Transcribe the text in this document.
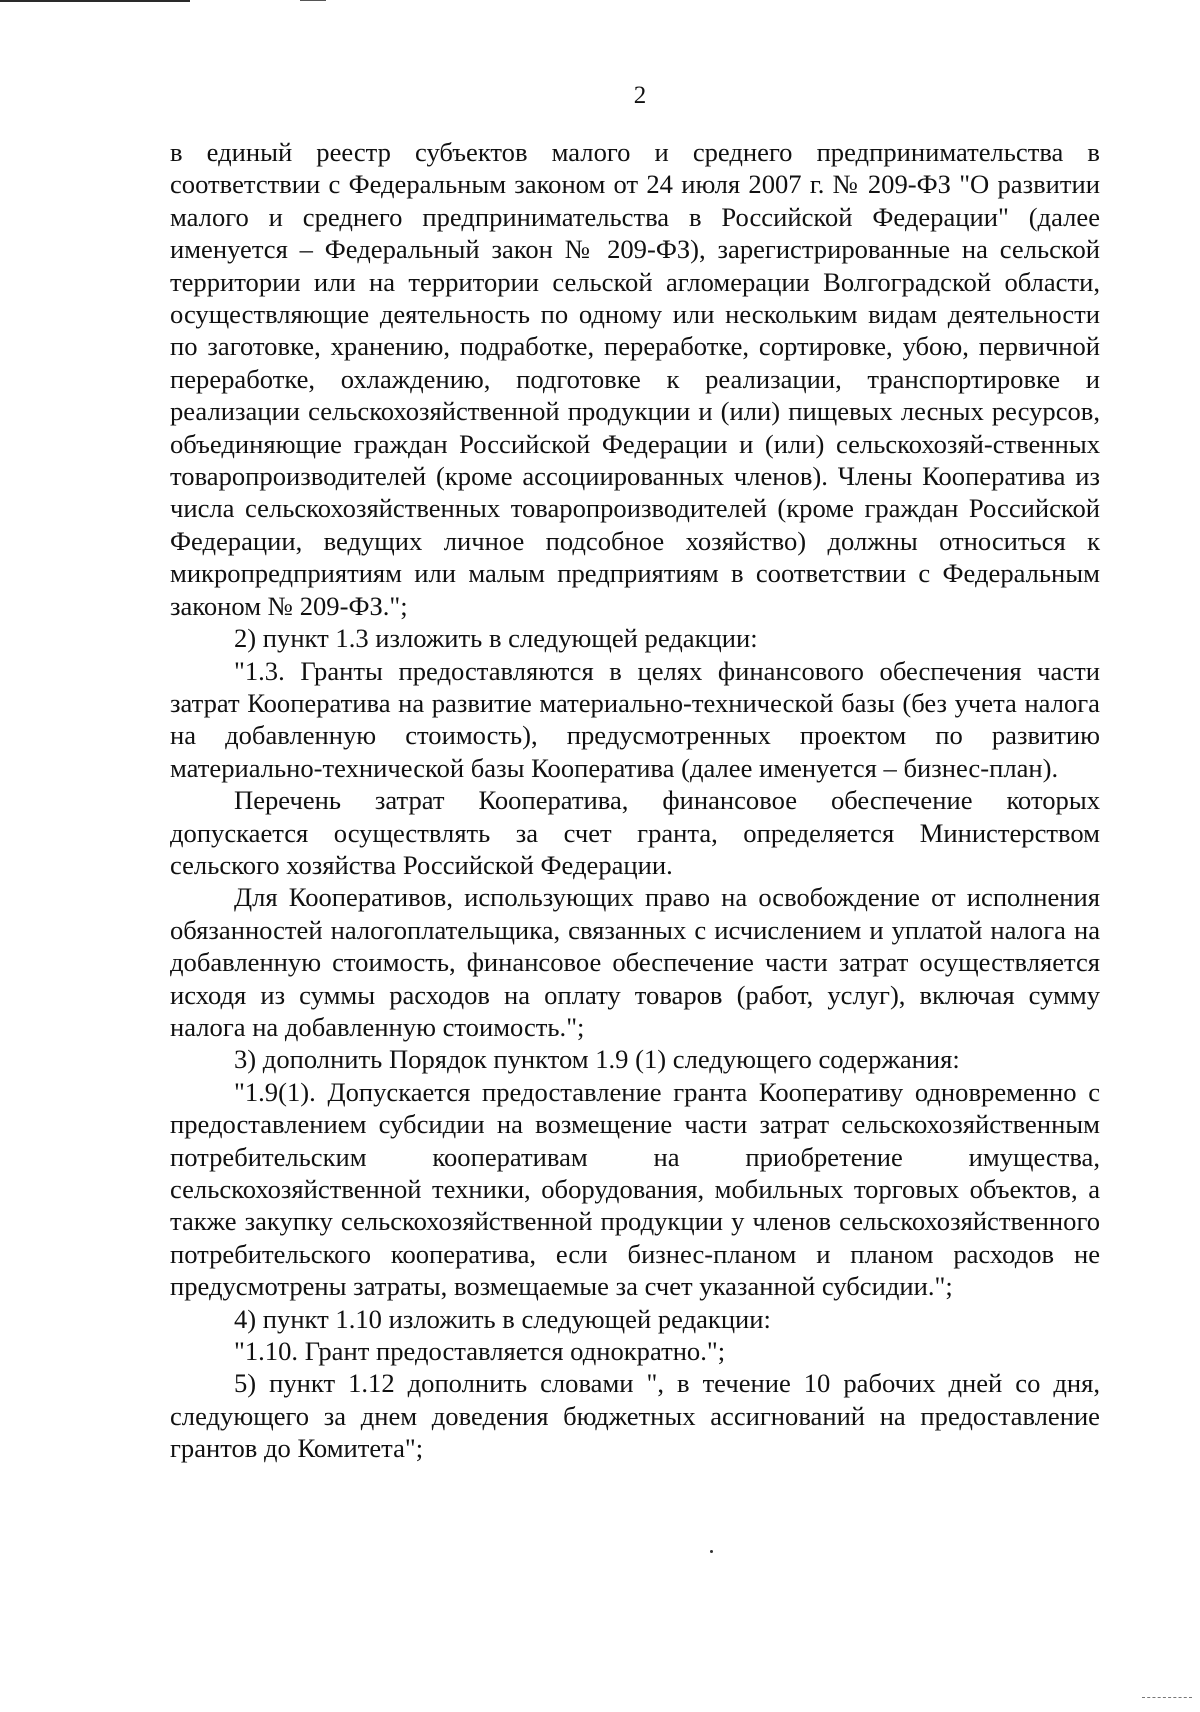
2

в единый реестр субъектов малого и среднего предпринимательства в соответствии с Федеральным законом от 24 июля 2007 г. № 209-ФЗ "О развитии малого и среднего предпринимательства в Российской Федерации" (далее именуется – Федеральный закон № 209-ФЗ), зарегистрированные на сельской территории или на территории сельской агломерации Волгоградской области, осуществляющие деятельность по одному или нескольким видам деятельности по заготовке, хранению, подработке, переработке, сортировке, убою, первичной переработке, охлаждению, подготовке к реализации, транспортировке и реализации сельскохозяйственной продукции и (или) пищевых лесных ресурсов, объединяющие граждан Российской Федерации и (или) сельскохозяй-ственных товаропроизводителей (кроме ассоциированных членов). Члены Кооператива из числа сельскохозяйственных товаропроизводителей (кроме граждан Российской Федерации, ведущих личное подсобное хозяйство) должны относиться к микропредприятиям или малым предприятиям в соответствии с Федеральным законом № 209-ФЗ.";

2) пункт 1.3 изложить в следующей редакции:

"1.3. Гранты предоставляются в целях финансового обеспечения части затрат Кооператива на развитие материально-технической базы (без учета налога на добавленную стоимость), предусмотренных проектом по развитию материально-технической базы Кооператива (далее именуется – бизнес-план).

Перечень затрат Кооператива, финансовое обеспечение которых допускается осуществлять за счет гранта, определяется Министерством сельского хозяйства Российской Федерации.

Для Кооперативов, использующих право на освобождение от исполнения обязанностей налогоплательщика, связанных с исчислением и уплатой налога на добавленную стоимость, финансовое обеспечение части затрат осуществляется исходя из суммы расходов на оплату товаров (работ, услуг), включая сумму налога на добавленную стоимость.";

3) дополнить Порядок пунктом 1.9 (1) следующего содержания:

"1.9(1). Допускается предоставление гранта Кооперативу одновременно с предоставлением субсидии на возмещение части затрат сельскохозяйственным потребительским кооперативам на приобретение имущества, сельскохозяйственной техники, оборудования, мобильных торговых объектов, а также закупку сельскохозяйственной продукции у членов сельскохозяйственного потребительского кооператива, если бизнес-планом и планом расходов не предусмотрены затраты, возмещаемые за счет указанной субсидии.";

4) пункт 1.10 изложить в следующей редакции:

"1.10. Грант предоставляется однократно.";

5) пункт 1.12 дополнить словами ", в течение 10 рабочих дней со дня, следующего за днем доведения бюджетных ассигнований на предоставление грантов до Комитета";
